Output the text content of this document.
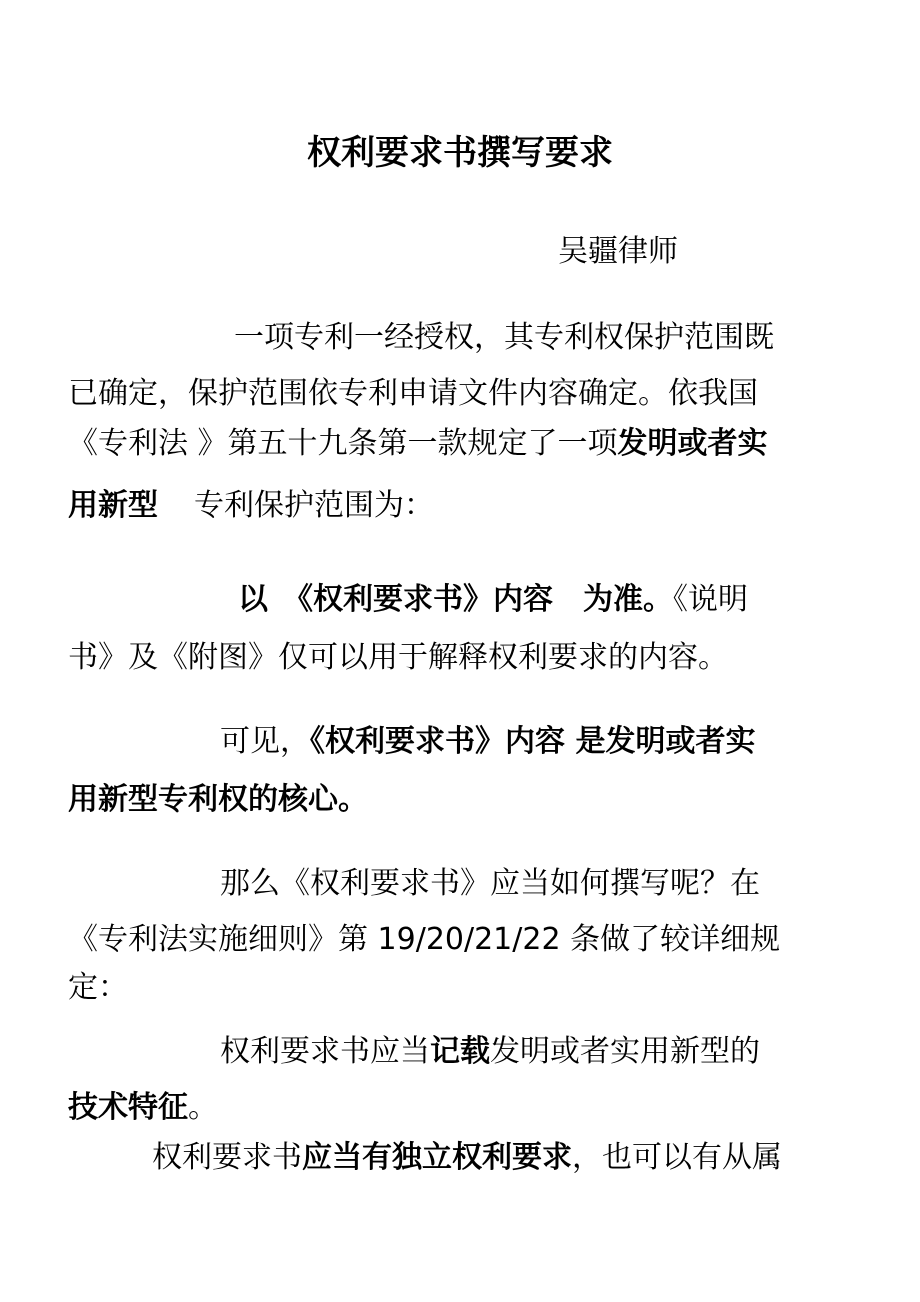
权利要求书撰写要求
吴疆律师
一项专利一经授权，其专利权保护范围既
已确定，保护范围依专利申请文件内容确定。依我国
《专利法 》第五十九条第一款规定了一项发明或者实
用新型 专利保护范围为：
以　《权利要求书》内容　为准。《说明
书》及《附图》仅可以用于解释权利要求的内容。
可见，《权利要求书》内容 是发明或者实
用新型专利权的核心。
那么《权利要求书》应当如何撰写呢？在
《专利法实施细则》第 19/20/21/22 条做了较详细规
定：
权利要求书应当记载发明或者实用新型的
技术特征。
权利要求书应当有独立权利要求，也可以有从属
